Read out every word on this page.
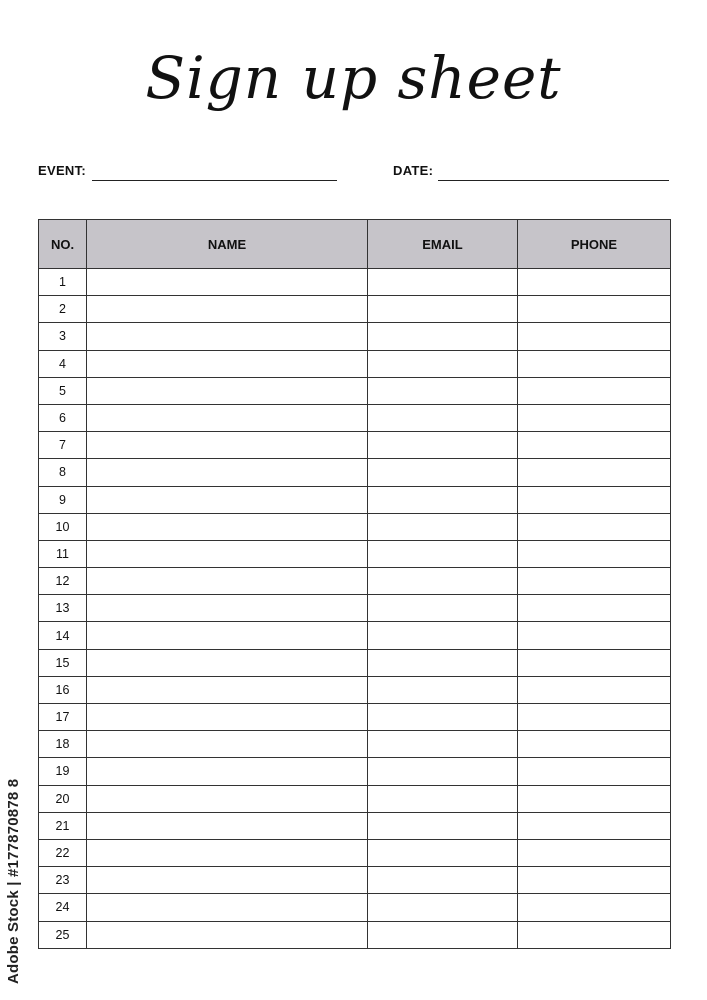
Sign up sheet
EVENT:	DATE:
NO.	NAME	EMAIL	PHONE
1			
2			
3			
4			
5			
6			
7			
8			
9			
10			
11			
12			
13			
14			
15			
16			
17			
18			
19			
20			
21			
22			
23			
24			
25			
Adobe Stock | #177870878 8
